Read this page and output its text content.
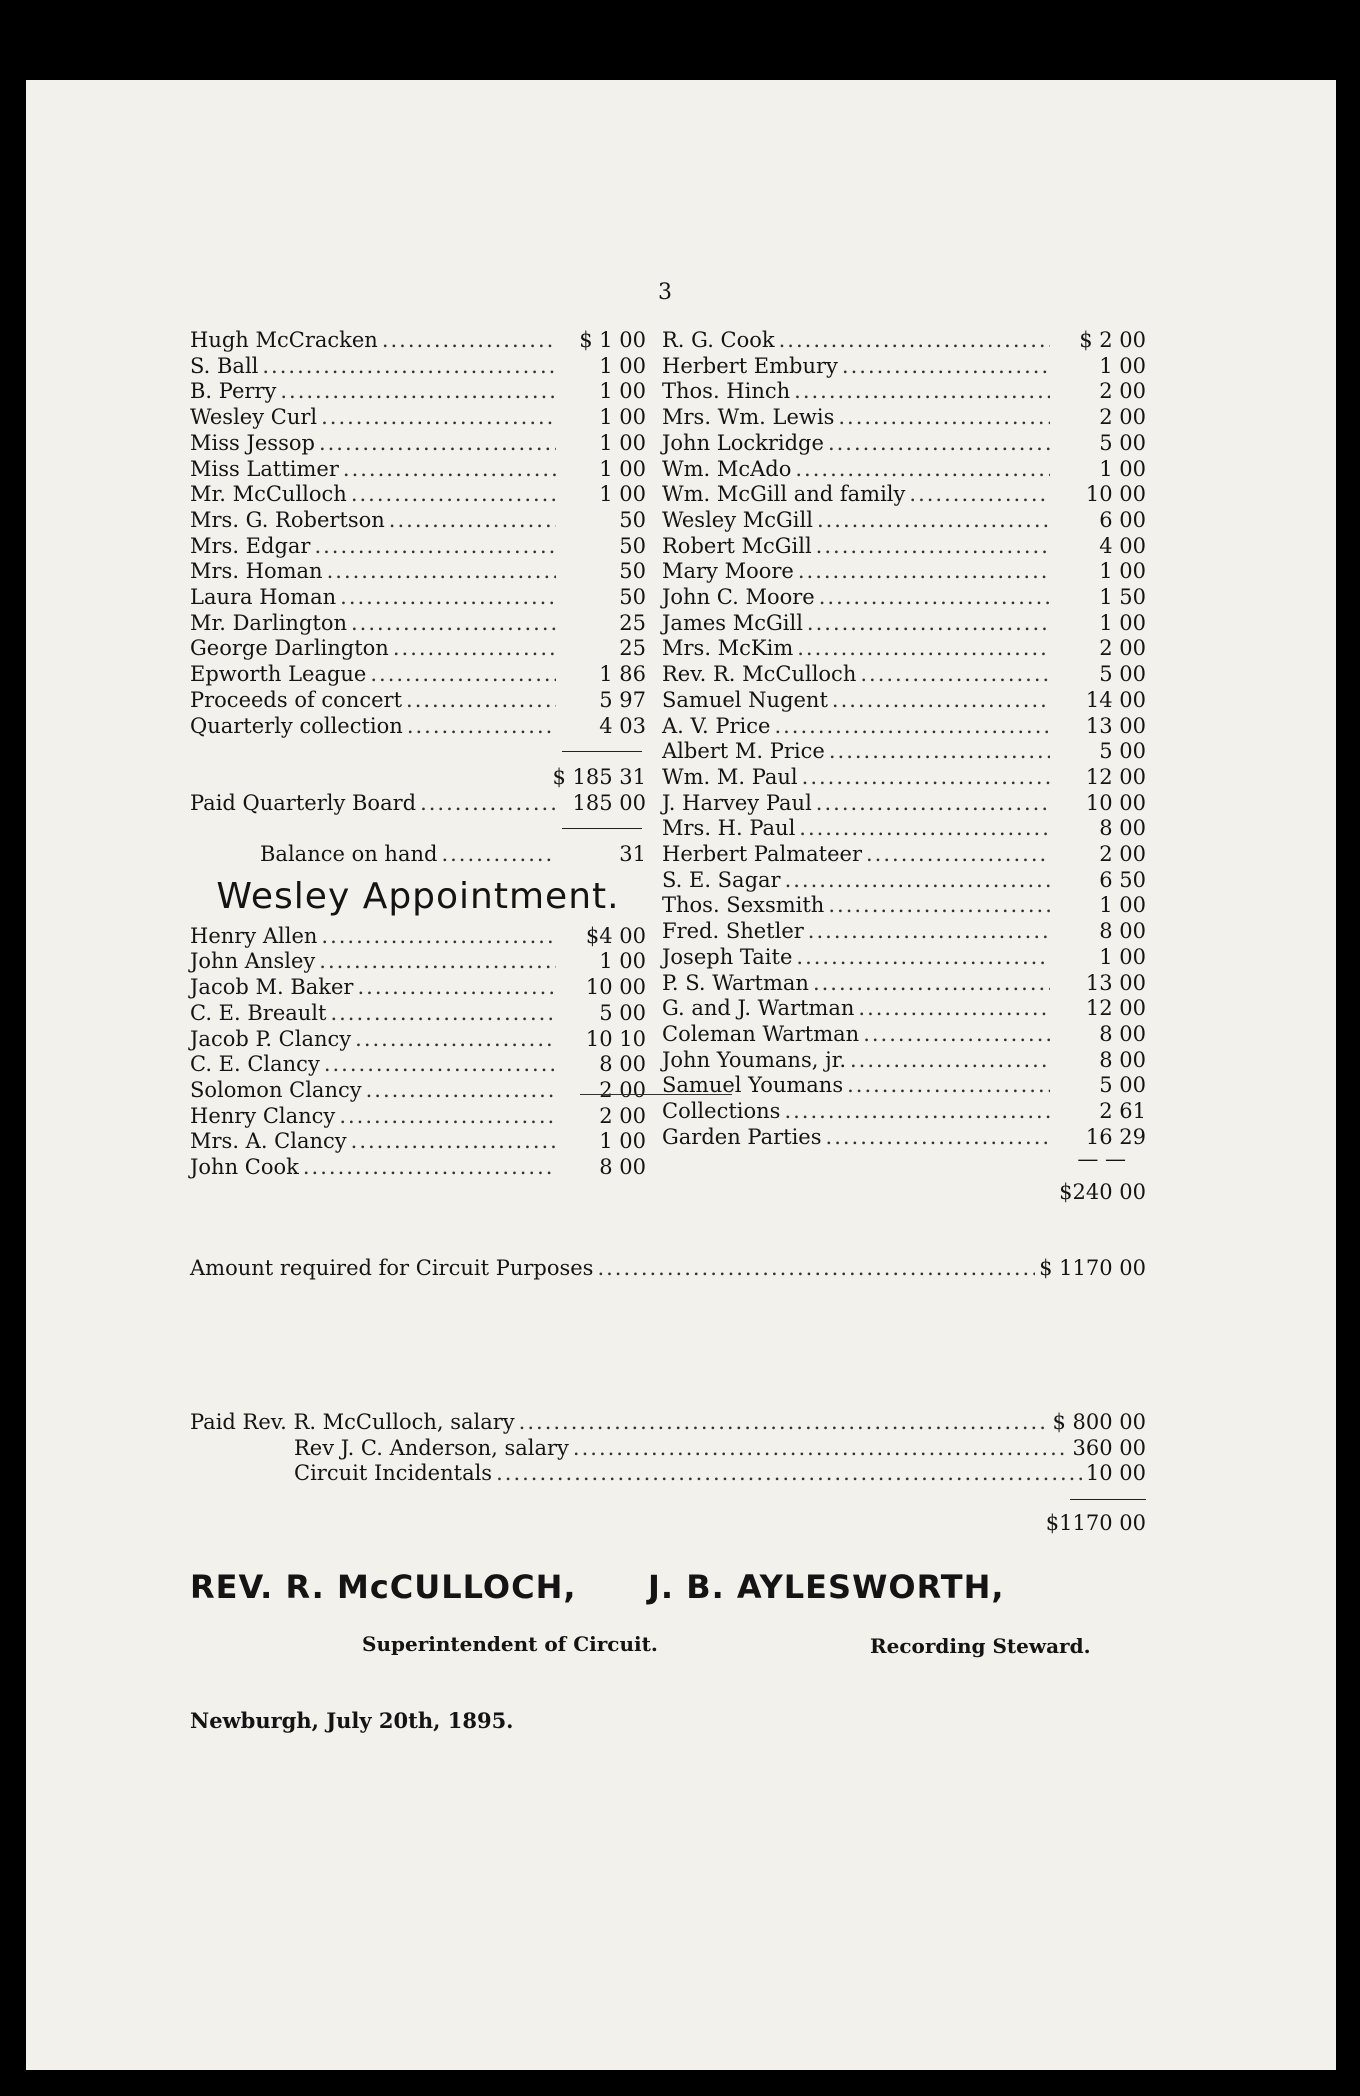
3
Hugh McCracken .....	$ 1 00
S. Ball .....	1 00
B. Perry .....	1 00
Wesley Curl .....	1 00
Miss Jessop .....	1 00
Miss Lattimer .....	1 00
Mr. McCulloch .....	1 00
Mrs. G. Robertson .....	50
Mrs. Edgar .....	50
Mrs. Homan .....	50
Laura Homan .....	50
Mr. Darlington .....	25
George Darlington .....	25
Epworth League .....	1 86
Proceeds of concert .....	5 97
Quarterly collection .....	4 03
$ 185 31
Paid Quarterly Board .....	185 00
Balance on hand .....	31
Wesley Appointment.
Henry Allen .....	$4 00
John Ansley .....	1 00
Jacob M. Baker .....	10 00
C. E. Breault .....	5 00
Jacob P. Clancy .....	10 10
C. E. Clancy .....	8 00
Solomon Clancy .....	2 00
Henry Clancy .....	2 00
Mrs. A. Clancy .....	1 00
John Cook .....	8 00
R. G. Cook .....	$ 2 00
Herbert Embury .....	1 00
Thos. Hinch .....	2 00
Mrs. Wm. Lewis .....	2 00
John Lockridge .....	5 00
Wm. McAdo .....	1 00
Wm. McGill and family .....	10 00
Wesley McGill .....	6 00
Robert McGill .....	4 00
Mary Moore .....	1 00
John C. Moore .....	1 50
James McGill .....	1 00
Mrs. McKim .....	2 00
Rev. R. McCulloch .....	5 00
Samuel Nugent .....	14 00
A. V. Price .....	13 00
Albert M. Price .....	5 00
Wm. M. Paul .....	12 00
J. Harvey Paul .....	10 00
Mrs. H. Paul .....	8 00
Herbert Palmateer .....	2 00
S. E. Sagar .....	6 50
Thos. Sexsmith .....	1 00
Fred. Shetler .....	8 00
Joseph Taite .....	1 00
P. S. Wartman .....	13 00
G. and J. Wartman .....	12 00
Coleman Wartman .....	8 00
John Youmans, jr. .....	8 00
Samuel Youmans .....	5 00
Collections .....	2 61
Garden Parties .....	16 29
— —
$240 00
Amount required for Circuit Purposes .....	$ 1170 00
Paid Rev. R. McCulloch, salary .....	$ 800 00
Rev J. C. Anderson, salary .....	360 00
Circuit Incidentals .....	10 00
$1170 00
REV. R. McCULLOCH, J. B. AYLESWORTH,
Superintendent of Circuit.	Recording Steward.
Newburgh, July 20th, 1895.
